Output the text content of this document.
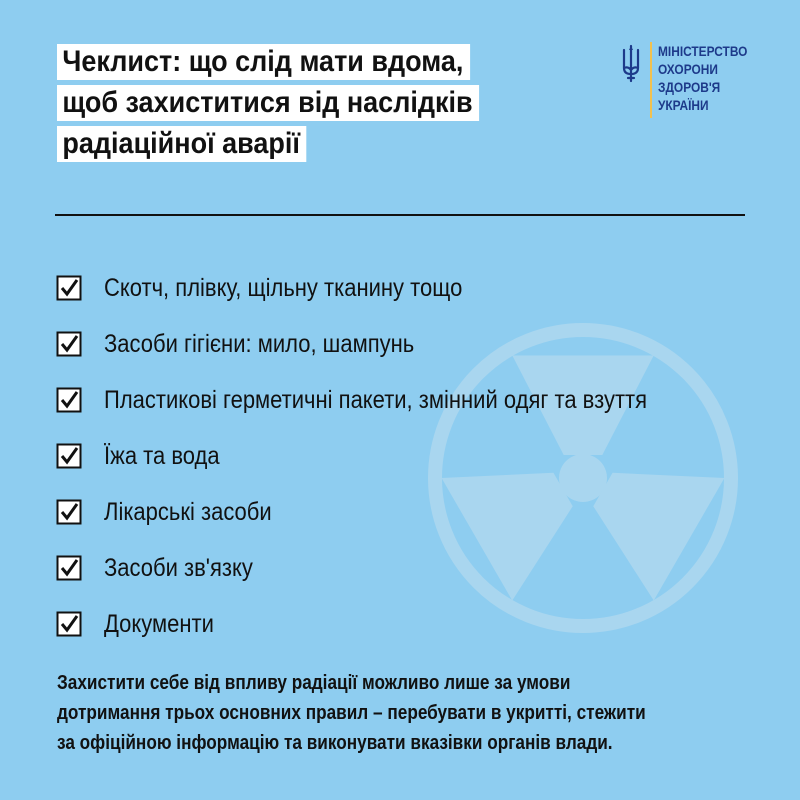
Чеклист: що слід мати вдома,
щоб захиститися від наслідків
радіаційної аварії
МІНІСТЕРСТВО
ОХОРОНИ
ЗДОРОВ'Я
УКРАЇНИ
Скотч, плівку, щільну тканину тощо
Засоби гігієни: мило, шампунь
Пластикові герметичні пакети, змінний одяг та взуття
Їжа та вода
Лікарські засоби
Засоби зв'язку
Документи
Захистити себе від впливу радіації можливо лише за умови
дотримання трьох основних правил – перебувати в укритті, стежити
за офіційною інформацію та виконувати вказівки органів влади.
